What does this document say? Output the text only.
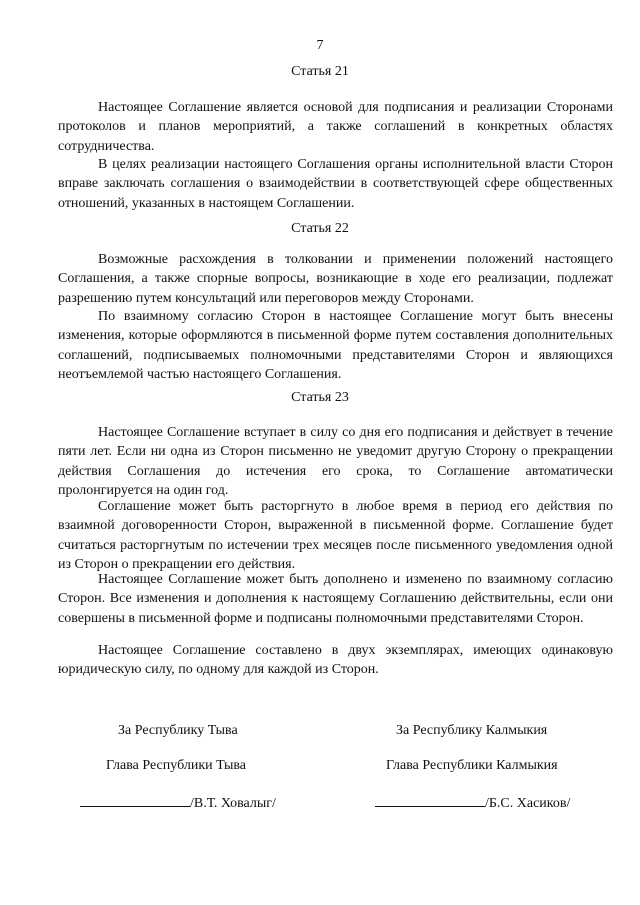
7
Статья 21

Настоящее Соглашение является основой для подписания и реализации Сторонами протоколов и планов мероприятий, а также соглашений в конкретных областях сотрудничества.

В целях реализации настоящего Соглашения органы исполнительной власти Сторон вправе заключать соглашения о взаимодействии в соответствующей сфере общественных отношений, указанных в настоящем Соглашении.

Статья 22

Возможные расхождения в толковании и применении положений настоящего Соглашения, а также спорные вопросы, возникающие в ходе его реализации, подлежат разрешению путем консультаций или переговоров между Сторонами.

По взаимному согласию Сторон в настоящее Соглашение могут быть внесены изменения, которые оформляются в письменной форме путем составления дополнительных соглашений, подписываемых полномочными представителями Сторон и являющихся неотъемлемой частью настоящего Соглашения.

Статья 23

Настоящее Соглашение вступает в силу со дня его подписания и действует в течение пяти лет. Если ни одна из Сторон письменно не уведомит другую Сторону о прекращении действия Соглашения до истечения его срока, то Соглашение автоматически пролонгируется на один год.

Соглашение может быть расторгнуто в любое время в период его действия по взаимной договоренности Сторон, выраженной в письменной форме. Соглашение будет считаться расторгнутым по истечении трех месяцев после письменного уведомления одной из Сторон о прекращении его действия.

Настоящее Соглашение может быть дополнено и изменено по взаимному согласию Сторон. Все изменения и дополнения к настоящему Соглашению действительны, если они совершены в письменной форме и подписаны полномочными представителями Сторон.

Настоящее Соглашение составлено в двух экземплярах, имеющих одинаковую юридическую силу, по одному для каждой из Сторон.

За Республику Тыва
Глава Республики Тыва
/В.Т. Ховалыг/
За Республику Калмыкия
Глава Республики Калмыкия
/Б.С. Хасиков/
